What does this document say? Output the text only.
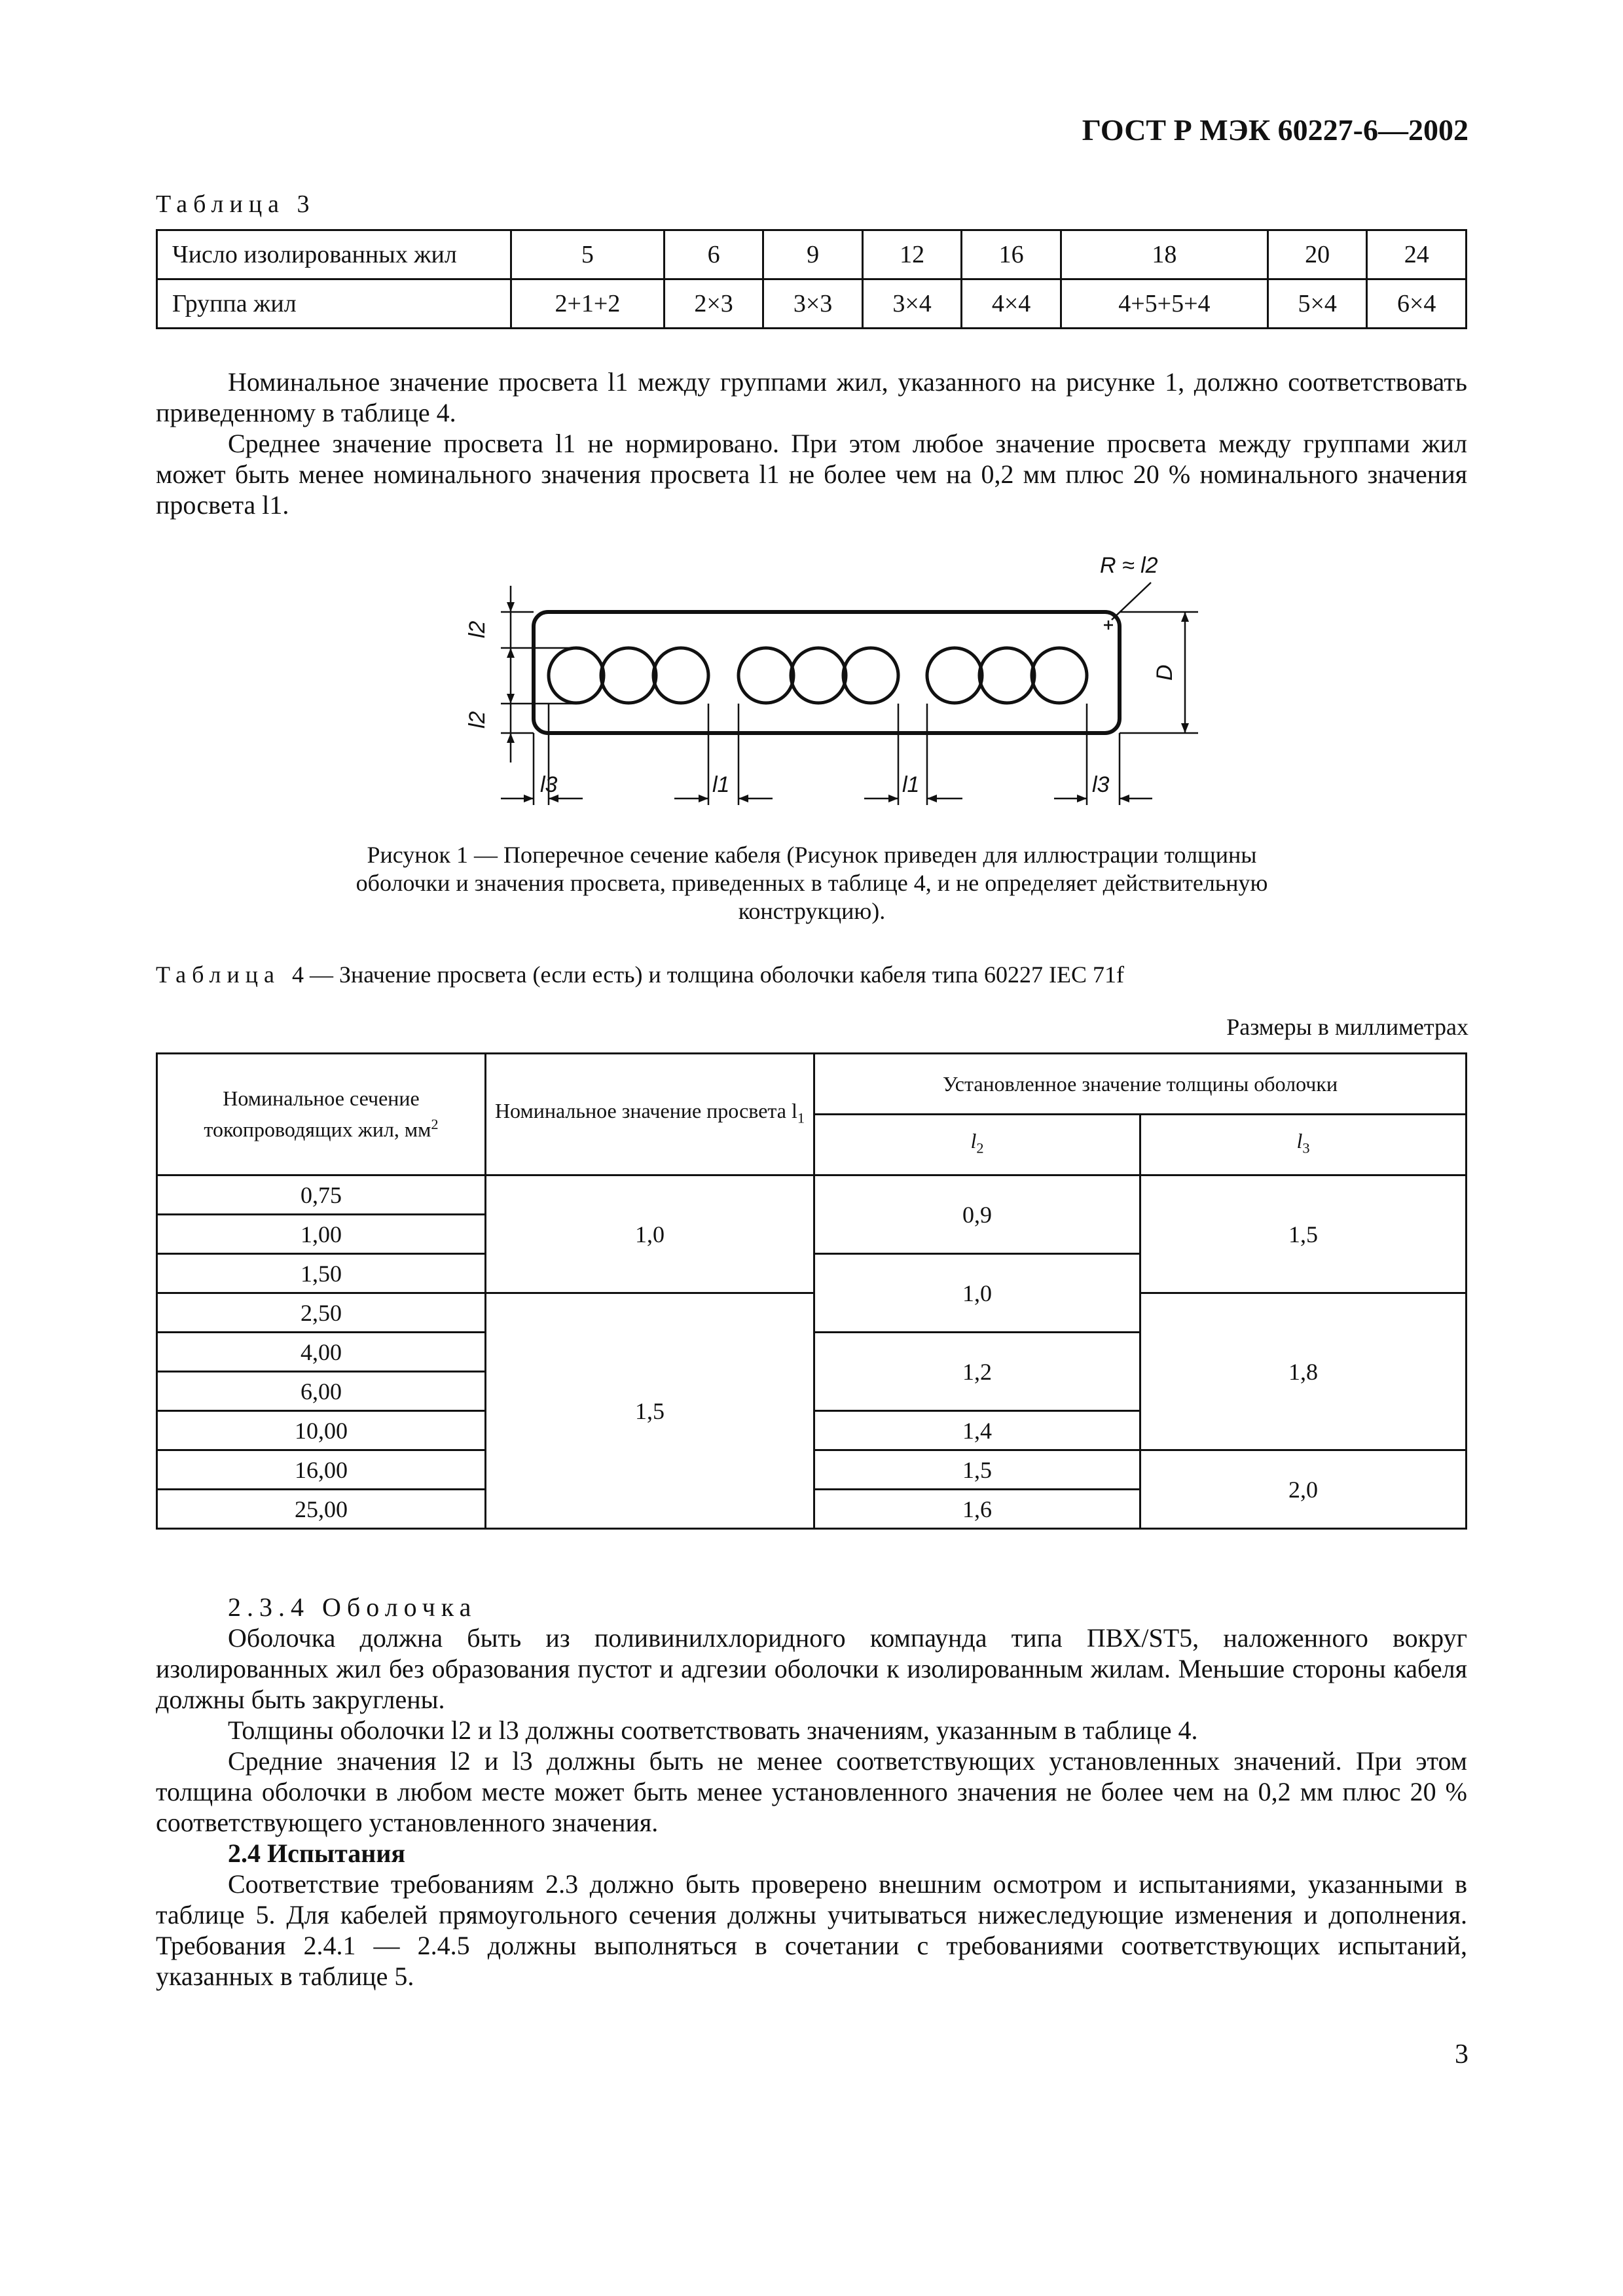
ГОСТ Р МЭК 60227-6—2002
Таблица 3
Число изолированных жил	5	6	9	12	16	18	20	24
Группа жил	2+1+2	2×3	3×3	3×4	4×4	4+5+5+4	5×4	6×4
Номинальное значение просвета l1 между группами жил, указанного на рисунке 1, должно соответствовать приведенному в таблице 4.
Среднее значение просвета l1 не нормировано. При этом любое значение просвета между группами жил может быть менее номинального значения просвета l1 не более чем на 0,2 мм плюс 20 % номинального значения просвета l1.
R ≈ l2
D
l2
l2
l3	l1	l1	l3
Рисунок 1 — Поперечное сечение кабеля (Рисунок приведен для иллюстрации толщины оболочки и значения просвета, приведенных в таблице 4, и не определяет действительную конструкцию).
Таблица 4 — Значение просвета (если есть) и толщина оболочки кабеля типа 60227 IEC 71f
Размеры в миллиметрах
Номинальное сечение токопроводящих жил, $мм^2$	Номинальное значение просвета $l_1$	Установленное значение толщины оболочки	
		$l_2$	$l_3$
0,75	1,0	0,9	1,5
1,00			
1,50		1,0	
2,50	1,5		1,8
4,00		1,2	
6,00			
10,00		1,4	
16,00		1,5	2,0
25,00		1,6	
2.3.4 Оболочка
Оболочка должна быть из поливинилхлоридного компаунда типа ПВХ/ST5, наложенного вокруг изолированных жил без образования пустот и адгезии оболочки к изолированным жилам. Меньшие стороны кабеля должны быть закруглены.
Толщины оболочки l2 и l3 должны соответствовать значениям, указанным в таблице 4.
Средние значения l2 и l3 должны быть не менее соответствующих установленных значений. При этом толщина оболочки в любом месте может быть менее установленного значения не более чем на 0,2 мм плюс 20 % соответствующего установленного значения.
2.4 Испытания
Соответствие требованиям 2.3 должно быть проверено внешним осмотром и испытаниями, указанными в таблице 5. Для кабелей прямоугольного сечения должны учитываться нижеследующие изменения и дополнения. Требования 2.4.1 — 2.4.5 должны выполняться в сочетании с требованиями соответствующих испытаний, указанных в таблице 5.
3
